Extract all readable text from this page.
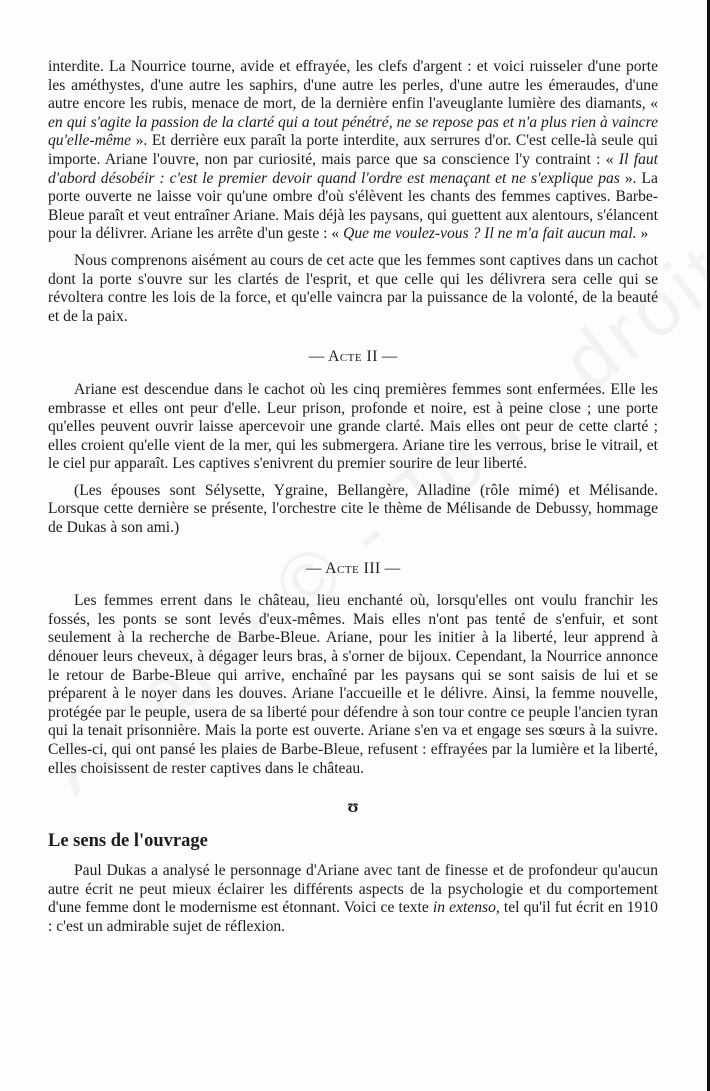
interdite. La Nourrice tourne, avide et effrayée, les clefs d'argent : et voici ruisseler d'une porte les améthystes, d'une autre les saphirs, d'une autre les perles, d'une autre les émeraudes, d'une autre encore les rubis, menace de mort, de la dernière enfin l'aveuglante lumière des diamants, « en qui s'agite la passion de la clarté qui a tout pénétré, ne se repose pas et n'a plus rien à vaincre qu'elle-même ». Et derrière eux paraît la porte interdite, aux serrures d'or. C'est celle-là seule qui importe. Ariane l'ouvre, non par curiosité, mais parce que sa conscience l'y contraint : « Il faut d'abord désobéir : c'est le premier devoir quand l'ordre est menaçant et ne s'explique pas ». La porte ouverte ne laisse voir qu'une ombre d'où s'élèvent les chants des femmes captives. Barbe-Bleue paraît et veut entraîner Ariane. Mais déjà les paysans, qui guettent aux alentours, s'élancent pour la délivrer. Ariane les arrête d'un geste : « Que me voulez-vous ? Il ne m'a fait aucun mal. »

Nous comprenons aisément au cours de cet acte que les femmes sont captives dans un cachot dont la porte s'ouvre sur les clartés de l'esprit, et que celle qui les délivrera sera celle qui se révoltera contre les lois de la force, et qu'elle vaincra par la puissance de la volonté, de la beauté et de la paix.

— Acte II —

Ariane est descendue dans le cachot où les cinq premières femmes sont enfermées. Elle les embrasse et elles ont peur d'elle. Leur prison, profonde et noire, est à peine close ; une porte qu'elles peuvent ouvrir laisse apercevoir une grande clarté. Mais elles ont peur de cette clarté ; elles croient qu'elle vient de la mer, qui les submergera. Ariane tire les verrous, brise le vitrail, et le ciel pur apparaît. Les captives s'enivrent du premier sourire de leur liberté.

(Les épouses sont Sélysette, Ygraine, Bellangère, Alladine (rôle mimé) et Mélisande. Lorsque cette dernière se présente, l'orchestre cite le thème de Mélisande de Debussy, hommage de Dukas à son ami.)

— Acte III —

Les femmes errent dans le château, lieu enchanté où, lorsqu'elles ont voulu franchir les fossés, les ponts se sont levés d'eux-mêmes. Mais elles n'ont pas tenté de s'enfuir, et sont seulement à la recherche de Barbe-Bleue. Ariane, pour les initier à la liberté, leur apprend à dénouer leurs cheveux, à dégager leurs bras, à s'orner de bijoux. Cependant, la Nourrice annonce le retour de Barbe-Bleue qui arrive, enchaîné par les paysans qui se sont saisis de lui et se préparent à le noyer dans les douves. Ariane l'accueille et le délivre. Ainsi, la femme nouvelle, protégée par le peuple, usera de sa liberté pour défendre à son tour contre ce peuple l'ancien tyran qui la tenait prisonnière. Mais la porte est ouverte. Ariane s'en va et engage ses sœurs à la suivre. Celles-ci, qui ont pansé les plaies de Barbe-Bleue, refusent : effrayées par la lumière et la liberté, elles choisissent de rester captives dans le château.

ʊ
Le sens de l'ouvrage

Paul Dukas a analysé le personnage d'Ariane avec tant de finesse et de profondeur qu'aucun autre écrit ne peut mieux éclairer les différents aspects de la psychologie et du comportement d'une femme dont le modernisme est étonnant. Voici ce texte in extenso, tel qu'il fut écrit en 1910 : c'est un admirable sujet de réflexion.
